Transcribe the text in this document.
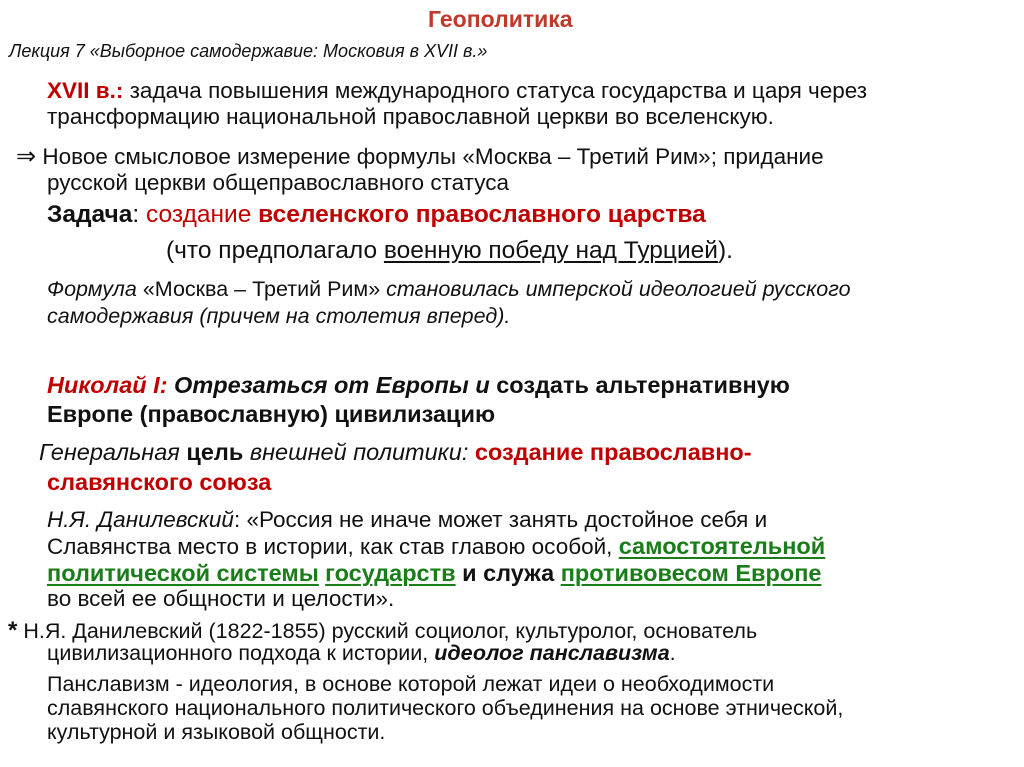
Геополитика
Лекция 7 «Выборное самодержавие: Московия в XVII в.»
XVII в.: задача повышения международного статуса государства и царя через
трансформацию национальной православной церкви во вселенскую.
⇒ Новое смысловое измерение формулы «Москва – Третий Рим»; придание
русской церкви общеправославного статуса
Задача: создание вселенского православного царства
(что предполагало военную победу над Турцией).
Формула «Москва – Третий Рим» становилась имперской идеологией русского
самодержавия (причем на столетия вперед).
Николай I: Отрезаться от Европы и создать альтернативную
Европе (православную) цивилизацию
Генеральная цель внешней политики: создание православно-
славянского союза
Н.Я. Данилевский: «Россия не иначе может занять достойное себя и
Славянства место в истории, как став главою особой, самостоятельной
политической системы государств и служа противовесом Европе
во всей ее общности и целости».
* Н.Я. Данилевский (1822-1855) русский социолог, культуролог, основатель
цивилизационного подхода к истории, идеолог панславизма.
Панславизм - идеология, в основе которой лежат идеи о необходимости
славянского национального политического объединения на основе этнической,
культурной и языковой общности.
